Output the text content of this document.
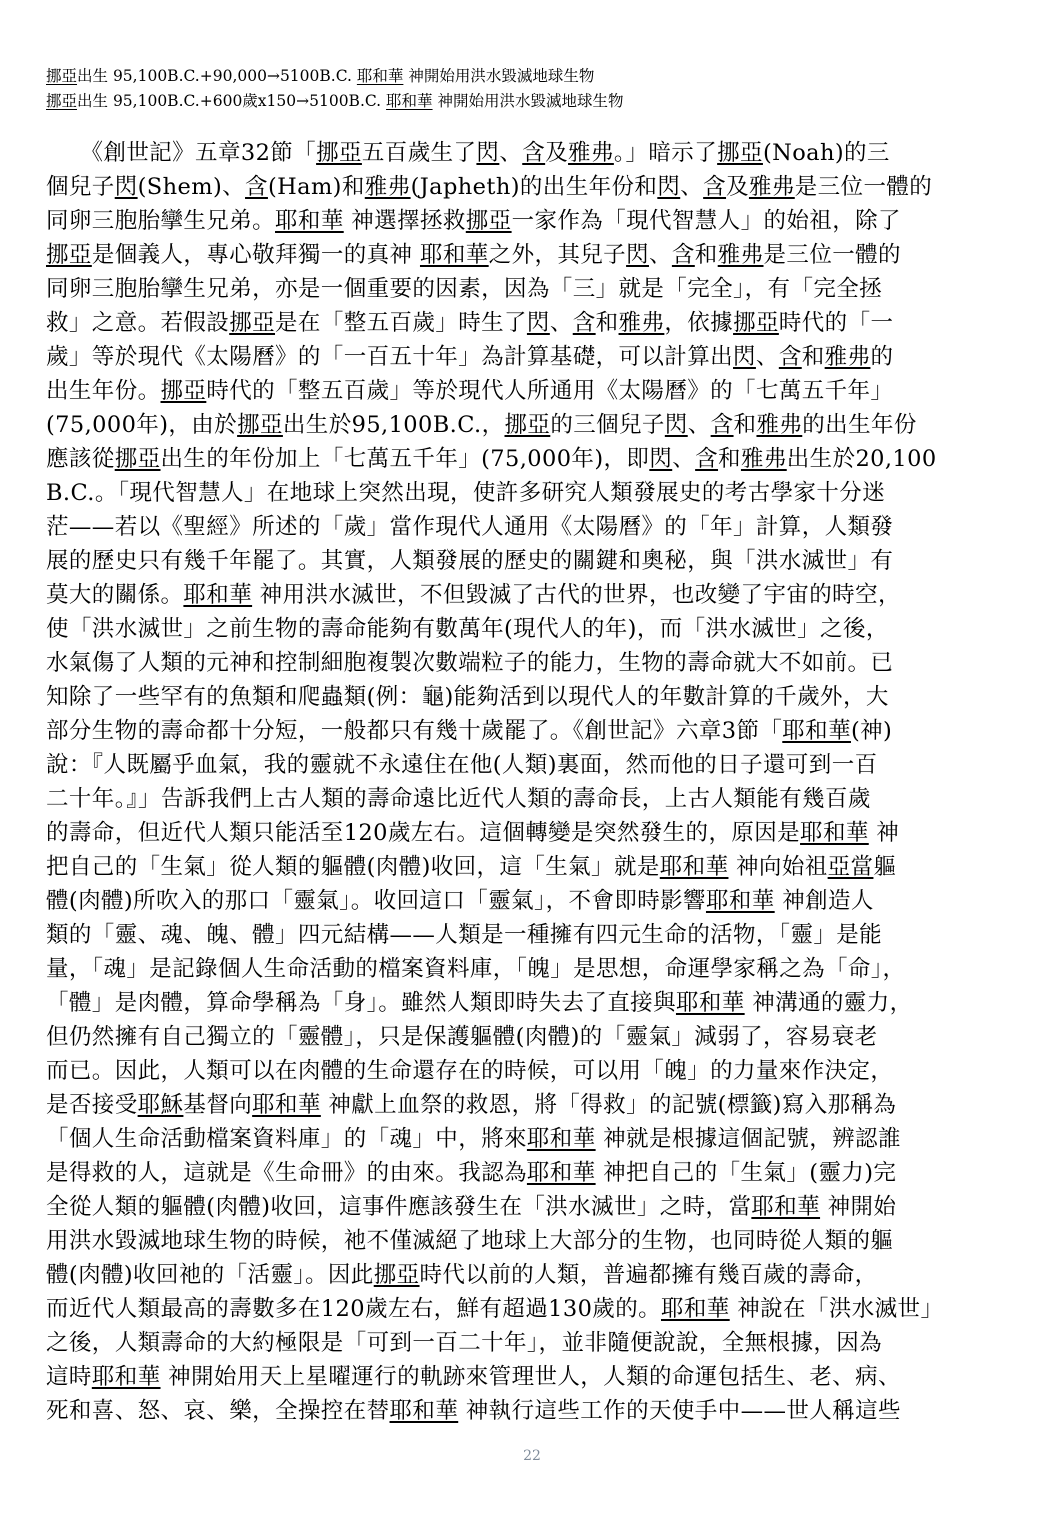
挪亞出生 95,100B.C.+90,000→5100B.C. 耶和華 神開始用洪水毀滅地球生物
挪亞出生 95,100B.C.+600歲x150→5100B.C. 耶和華 神開始用洪水毀滅地球生物
　　《創世記》五章32節「挪亞五百歲生了閃、含及雅弗。」暗示了挪亞(Noah)的三
個兒子閃(Shem)、含(Ham)和雅弗(Japheth)的出生年份和閃、含及雅弗是三位一體的
同卵三胞胎攣生兄弟。耶和華 神選擇拯救挪亞一家作為「現代智慧人」的始祖，除了
挪亞是個義人，專心敬拜獨一的真神 耶和華之外，其兒子閃、含和雅弗是三位一體的
同卵三胞胎攣生兄弟，亦是一個重要的因素，因為「三」就是「完全」，有「完全拯
救」之意。若假設挪亞是在「整五百歲」時生了閃、含和雅弗，依據挪亞時代的「一
歲」等於現代《太陽曆》的「一百五十年」為計算基礎，可以計算出閃、含和雅弗的
出生年份。挪亞時代的「整五百歲」等於現代人所通用《太陽曆》的「七萬五千年」
(75,000年)，由於挪亞出生於95,100B.C.，挪亞的三個兒子閃、含和雅弗的出生年份
應該從挪亞出生的年份加上「七萬五千年」(75,000年)，即閃、含和雅弗出生於20,100
B.C.。「現代智慧人」在地球上突然出現，使許多研究人類發展史的考古學家十分迷
茫——若以《聖經》所述的「歲」當作現代人通用《太陽曆》的「年」計算，人類發
展的歷史只有幾千年罷了。其實，人類發展的歷史的關鍵和奧秘，與「洪水滅世」有
莫大的關係。耶和華 神用洪水滅世，不但毀滅了古代的世界，也改變了宇宙的時空，
使「洪水滅世」之前生物的壽命能夠有數萬年(現代人的年)，而「洪水滅世」之後，
水氣傷了人類的元神和控制細胞複製次數端粒子的能力，生物的壽命就大不如前。已
知除了一些罕有的魚類和爬蟲類(例：龜)能夠活到以現代人的年數計算的千歲外，大
部分生物的壽命都十分短，一般都只有幾十歲罷了。《創世記》六章3節「耶和華(神)
說：『人既屬乎血氣，我的靈就不永遠住在他(人類)裏面，然而他的日子還可到一百
二十年。』」告訴我們上古人類的壽命遠比近代人類的壽命長，上古人類能有幾百歲
的壽命，但近代人類只能活至120歲左右。這個轉變是突然發生的，原因是耶和華 神
把自己的「生氣」從人類的軀體(肉體)收回，這「生氣」就是耶和華 神向始祖亞當軀
體(肉體)所吹入的那口「靈氣」。收回這口「靈氣」，不會即時影響耶和華 神創造人
類的「靈、魂、魄、體」四元結構——人類是一種擁有四元生命的活物，「靈」是能
量，「魂」是記錄個人生命活動的檔案資料庫，「魄」是思想，命運學家稱之為「命」，
「體」是肉體，算命學稱為「身」。雖然人類即時失去了直接與耶和華 神溝通的靈力，
但仍然擁有自己獨立的「靈體」，只是保護軀體(肉體)的「靈氣」減弱了，容易衰老
而已。因此，人類可以在肉體的生命還存在的時候，可以用「魄」的力量來作決定，
是否接受耶穌基督向耶和華 神獻上血祭的救恩，將「得救」的記號(標籤)寫入那稱為
「個人生命活動檔案資料庫」的「魂」中，將來耶和華 神就是根據這個記號，辨認誰
是得救的人，這就是《生命冊》的由來。我認為耶和華 神把自己的「生氣」(靈力)完
全從人類的軀體(肉體)收回，這事件應該發生在「洪水滅世」之時，當耶和華 神開始
用洪水毀滅地球生物的時候，祂不僅滅絕了地球上大部分的生物，也同時從人類的軀
體(肉體)收回祂的「活靈」。因此挪亞時代以前的人類，普遍都擁有幾百歲的壽命，
而近代人類最高的壽數多在120歲左右，鮮有超過130歲的。耶和華 神說在「洪水滅世」
之後，人類壽命的大約極限是「可到一百二十年」，並非隨便說說，全無根據，因為
這時耶和華 神開始用天上星曜運行的軌跡來管理世人，人類的命運包括生、老、病、
死和喜、怒、哀、樂，全操控在替耶和華 神執行這些工作的天使手中——世人稱這些
22
